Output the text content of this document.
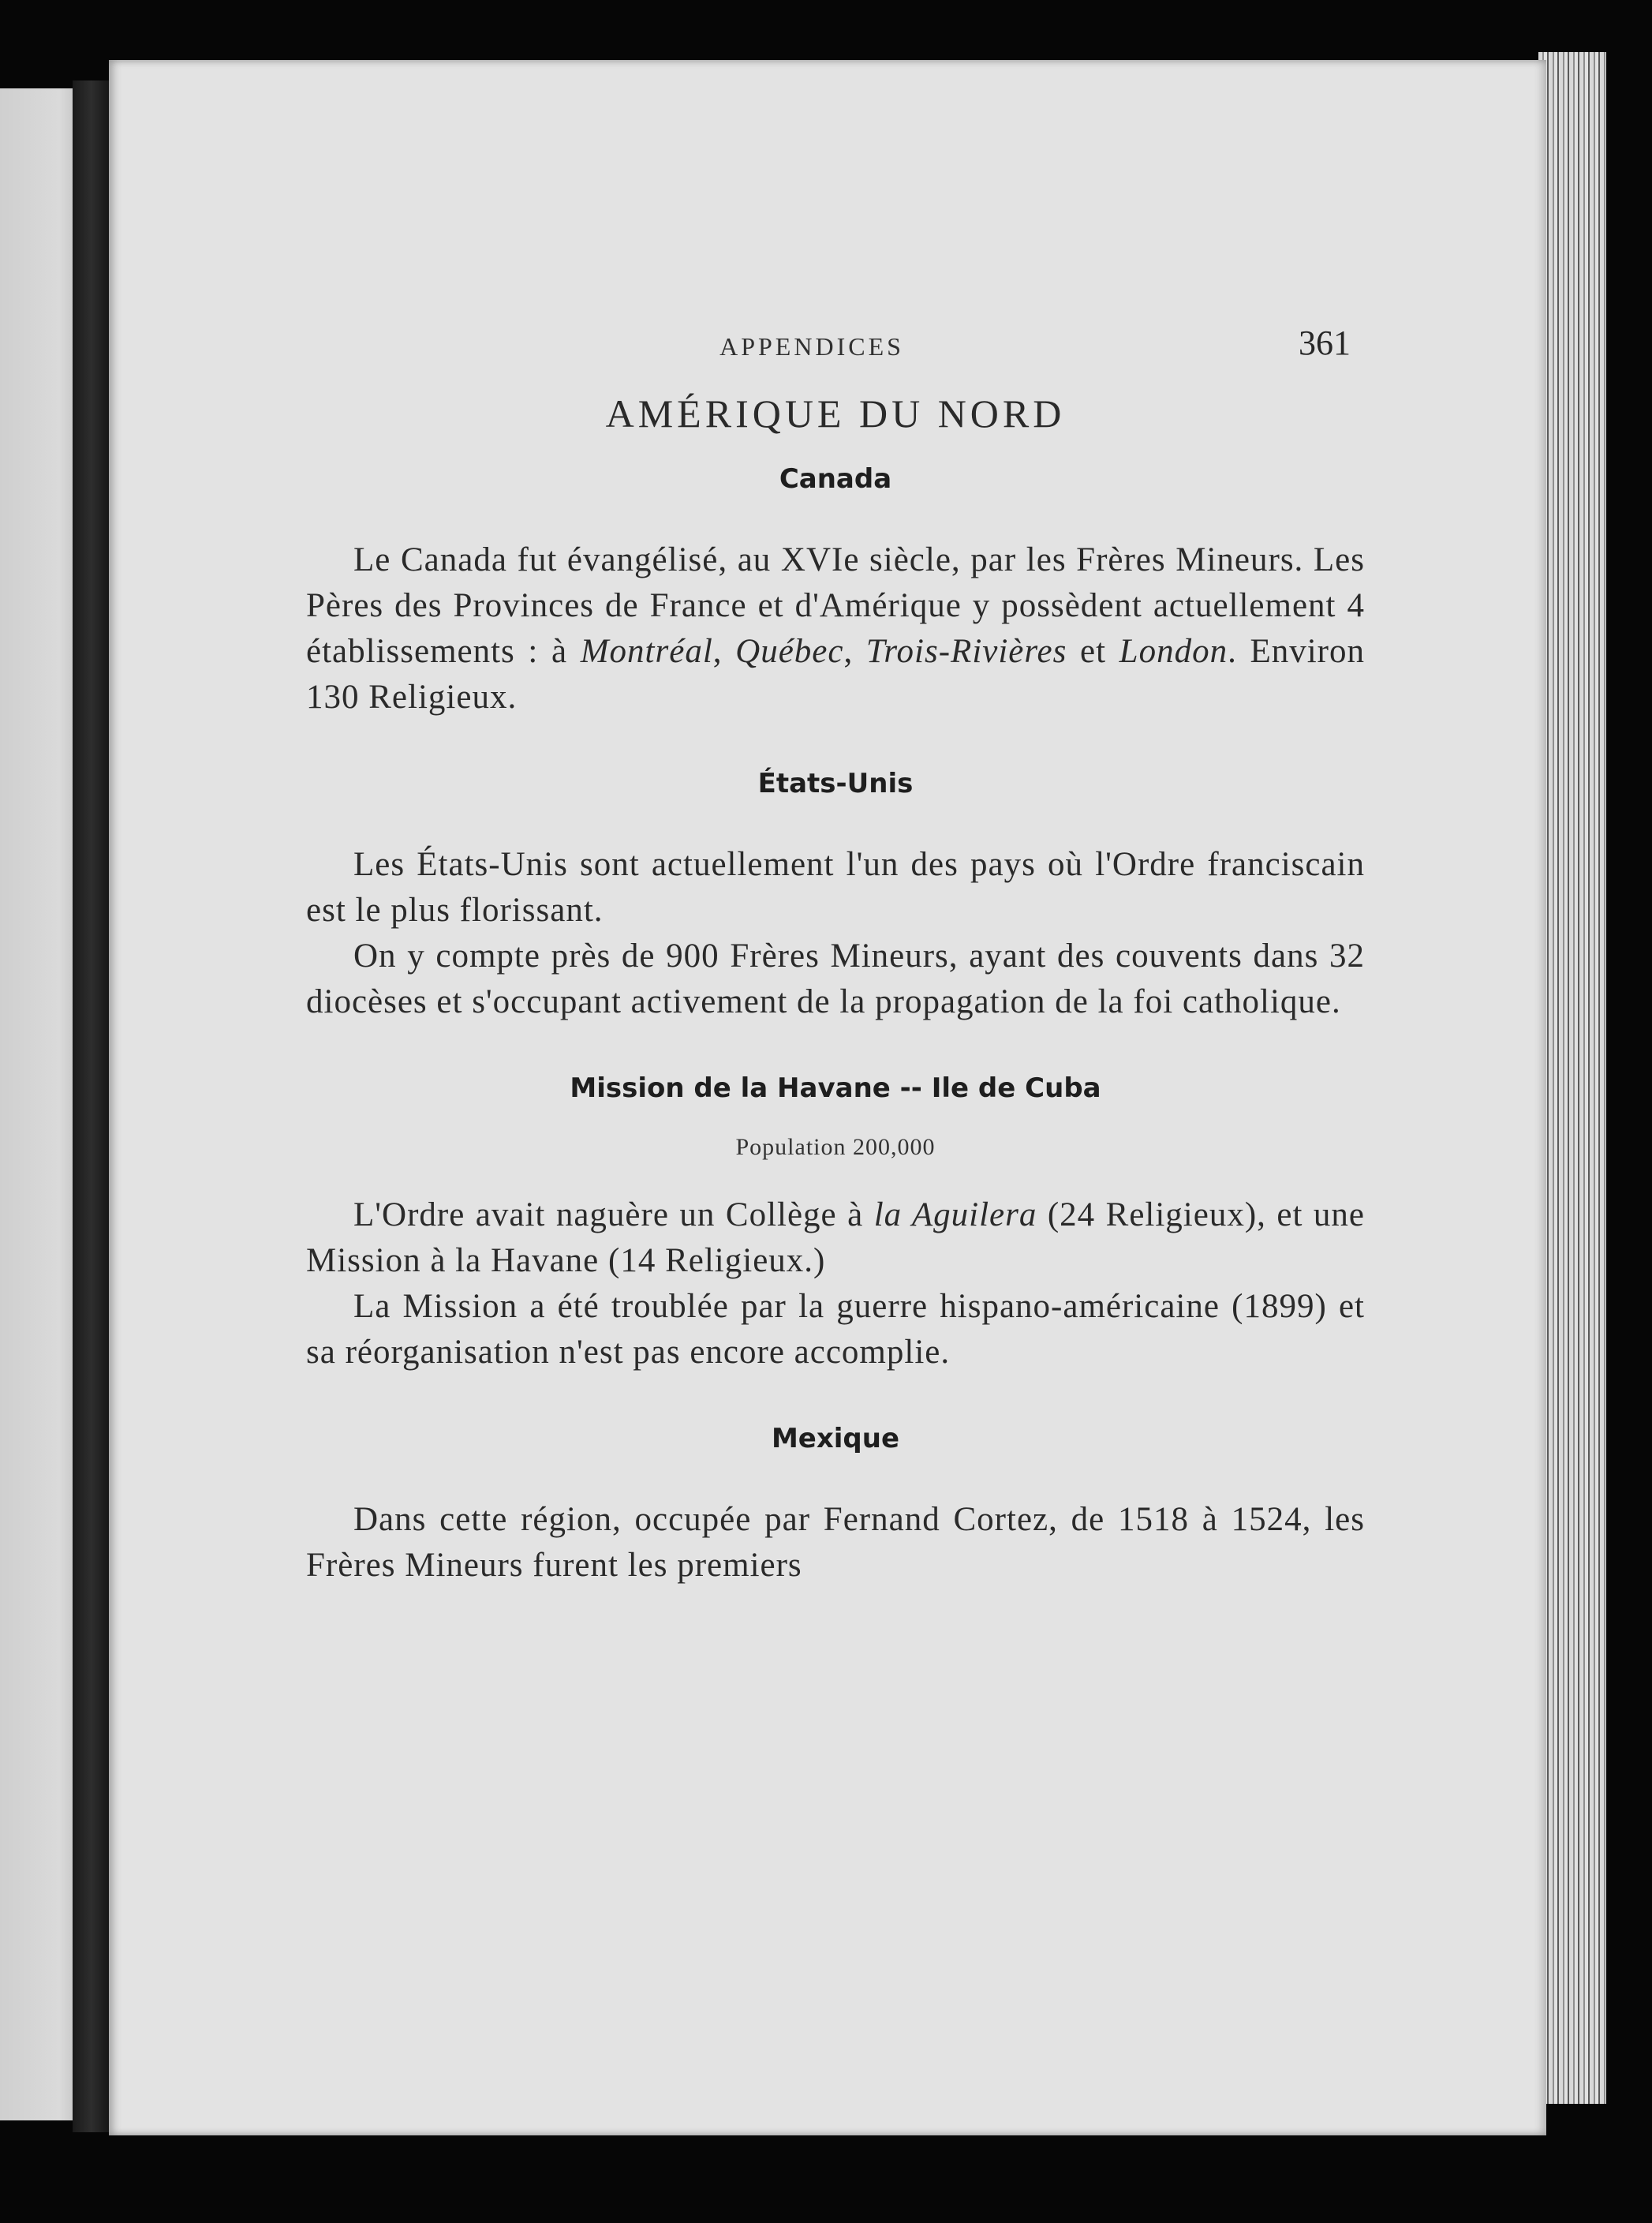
APPENDICES	361
AMÉRIQUE DU NORD
Canada

Le Canada fut évangélisé, au XVIe siècle, par les Frères Mineurs. Les Pères des Provinces de France et d'Amérique y possèdent actuellement 4 établissements : à Montréal, Québec, Trois-Rivières et London. Environ 130 Religieux.

États-Unis

Les États-Unis sont actuellement l'un des pays où l'Ordre franciscain est le plus florissant.

On y compte près de 900 Frères Mineurs, ayant des couvents dans 32 diocèses et s'occupant activement de la propagation de la foi catholique.

Mission de la Havane -- Ile de Cuba
Population 200,000

L'Ordre avait naguère un Collège à la Aguilera (24 Religieux), et une Mission à la Havane (14 Religieux.)

La Mission a été troublée par la guerre hispano-américaine (1899) et sa réorganisation n'est pas encore accomplie.

Mexique

Dans cette région, occupée par Fernand Cortez, de 1518 à 1524, les Frères Mineurs furent les premiers
